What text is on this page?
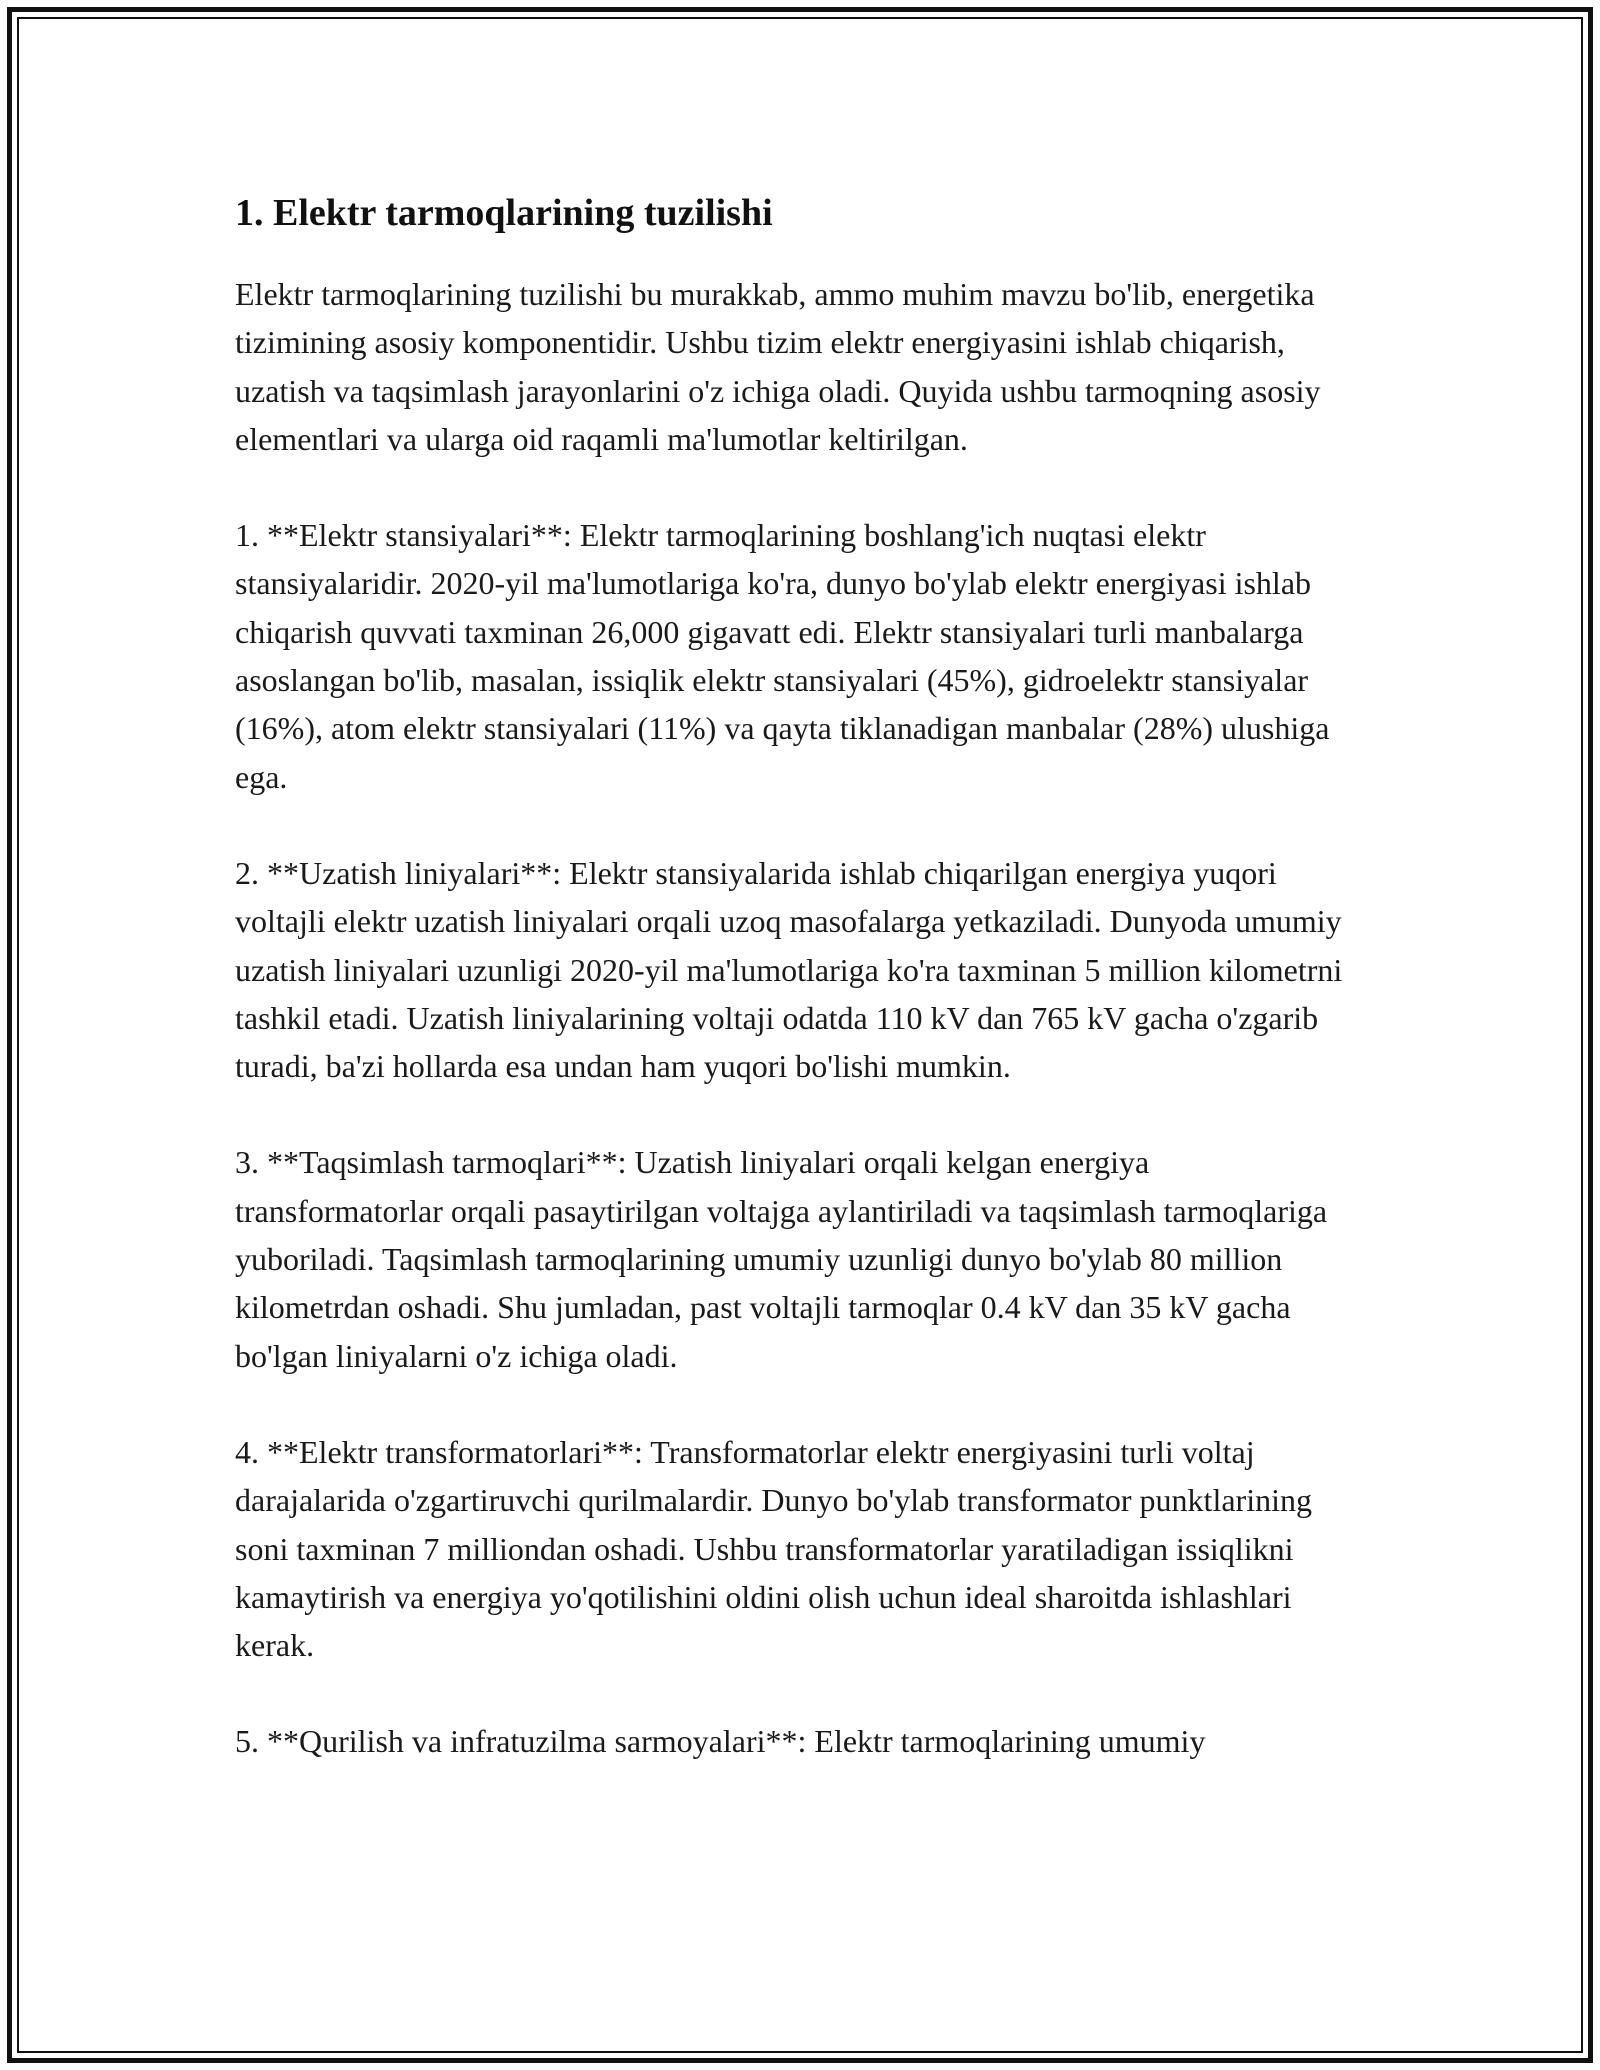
1. Elektr tarmoqlarining tuzilishi

Elektr tarmoqlarining tuzilishi bu murakkab, ammo muhim mavzu bo'lib, energetika tizimining asosiy komponentidir. Ushbu tizim elektr energiyasini ishlab chiqarish, uzatish va taqsimlash jarayonlarini o'z ichiga oladi. Quyida ushbu tarmoqning asosiy elementlari va ularga oid raqamli ma'lumotlar keltirilgan.

1. **Elektr stansiyalari**: Elektr tarmoqlarining boshlang'ich nuqtasi elektr stansiyalaridir. 2020-yil ma'lumotlariga ko'ra, dunyo bo'ylab elektr energiyasi ishlab chiqarish quvvati taxminan 26,000 gigavatt edi. Elektr stansiyalari turli manbalarga asoslangan bo'lib, masalan, issiqlik elektr stansiyalari (45%), gidroelektr stansiyalar (16%), atom elektr stansiyalari (11%) va qayta tiklanadigan manbalar (28%) ulushiga ega.

2. **Uzatish liniyalari**: Elektr stansiyalarida ishlab chiqarilgan energiya yuqori voltajli elektr uzatish liniyalari orqali uzoq masofalarga yetkaziladi. Dunyoda umumiy uzatish liniyalari uzunligi 2020-yil ma'lumotlariga ko'ra taxminan 5 million kilometrni tashkil etadi. Uzatish liniyalarining voltaji odatda 110 kV dan 765 kV gacha o'zgarib turadi, ba'zi hollarda esa undan ham yuqori bo'lishi mumkin.

3. **Taqsimlash tarmoqlari**: Uzatish liniyalari orqali kelgan energiya transformatorlar orqali pasaytirilgan voltajga aylantiriladi va taqsimlash tarmoqlariga yuboriladi. Taqsimlash tarmoqlarining umumiy uzunligi dunyo bo'ylab 80 million kilometrdan oshadi. Shu jumladan, past voltajli tarmoqlar 0.4 kV dan 35 kV gacha bo'lgan liniyalarni o'z ichiga oladi.

4. **Elektr transformatorlari**: Transformatorlar elektr energiyasini turli voltaj darajalarida o'zgartiruvchi qurilmalardir. Dunyo bo'ylab transformator punktlarining soni taxminan 7 milliondan oshadi. Ushbu transformatorlar yaratiladigan issiqlikni kamaytirish va energiya yo'qotilishini oldini olish uchun ideal sharoitda ishlashlari kerak.

5. **Qurilish va infratuzilma sarmoyalari**: Elektr tarmoqlarining umumiy
